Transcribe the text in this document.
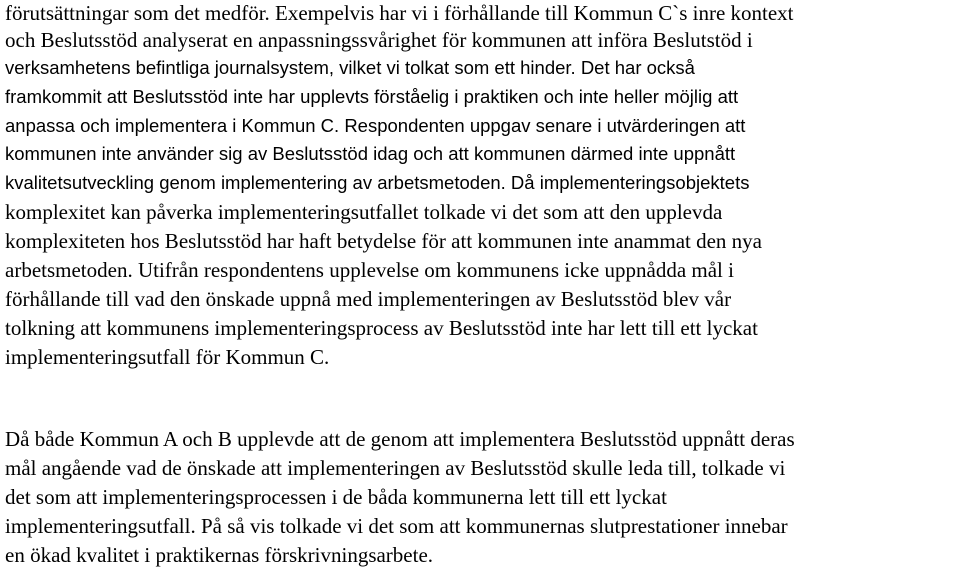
förutsättningar som det medför. Exempelvis har vi i förhållande till Kommun C`s inre kontext
och Beslutsstöd analyserat en anpassningssvårighet för kommunen att införa Beslutstöd i
verksamhetens befintliga journalsystem, vilket vi tolkat som ett hinder. Det har också
framkommit att Beslutsstöd inte har upplevts förståelig i praktiken och inte heller möjlig att
anpassa och implementera i Kommun C. Respondenten uppgav senare i utvärderingen att
kommunen inte använder sig av Beslutsstöd idag och att kommunen därmed inte uppnått
kvalitetsutveckling genom implementering av arbetsmetoden. Då implementeringsobjektets
komplexitet kan påverka implementeringsutfallet tolkade vi det som att den upplevda
komplexiteten hos Beslutsstöd har haft betydelse för att kommunen inte anammat den nya
arbetsmetoden. Utifrån respondentens upplevelse om kommunens icke uppnådda mål i
förhållande till vad den önskade uppnå med implementeringen av Beslutsstöd blev vår
tolkning att kommunens implementeringsprocess av Beslutsstöd inte har lett till ett lyckat
implementeringsutfall för Kommun C.
Då både Kommun A och B upplevde att de genom att implementera Beslutsstöd uppnått deras
mål angående vad de önskade att implementeringen av Beslutsstöd skulle leda till, tolkade vi
det som att implementeringsprocessen i de båda kommunerna lett till ett lyckat
implementeringsutfall. På så vis tolkade vi det som att kommunernas slutprestationer innebar
en ökad kvalitet i praktikernas förskrivningsarbete.
